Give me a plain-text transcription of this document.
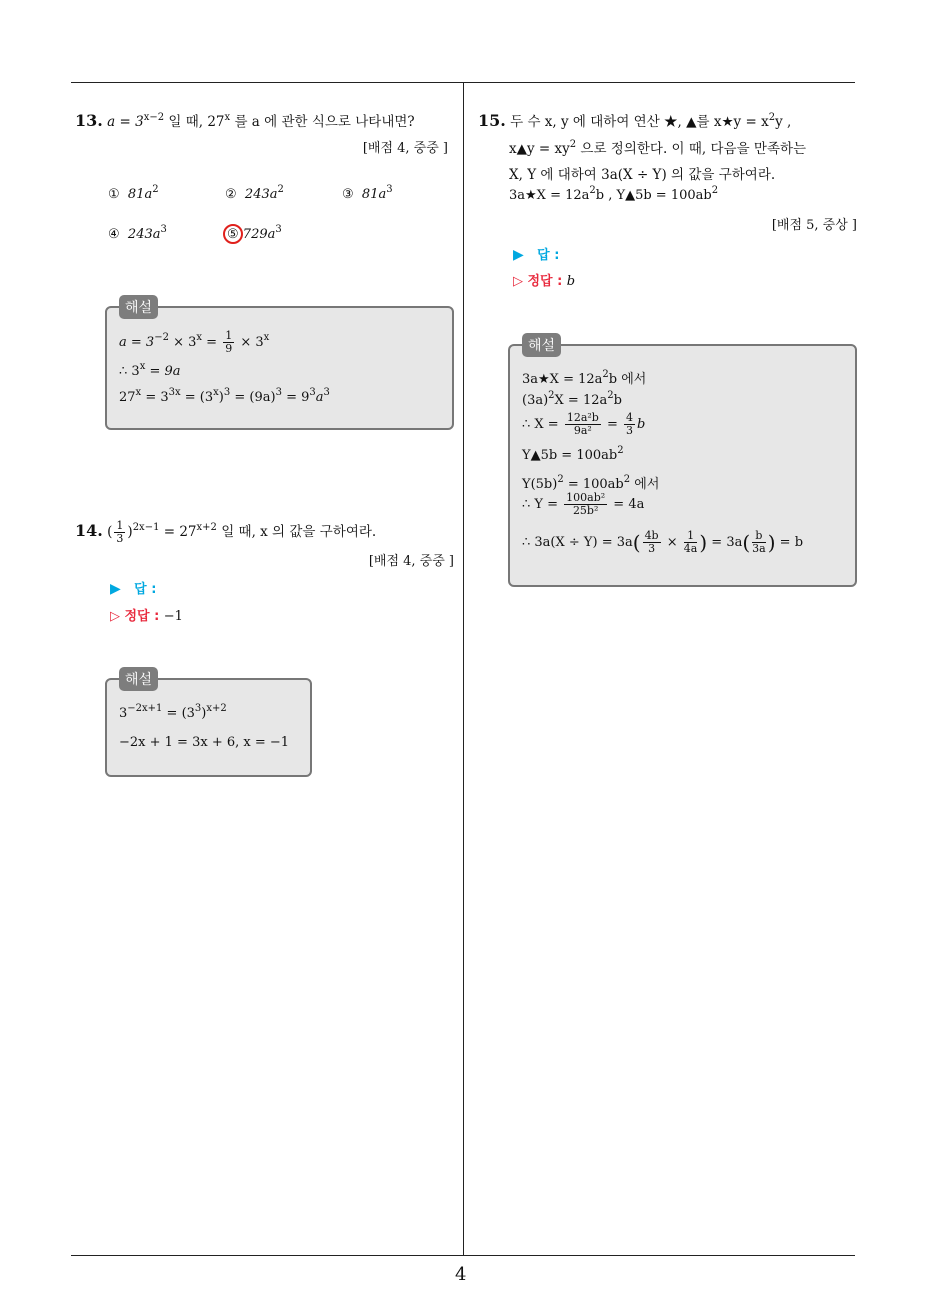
4
13. $a = 3^{x-2}$ 일 때, 27$^x$ 를 a 에 관한 식으로 나타내면?
[배점 4, 중중 ]
① $81a^2$	② $243a^2$	③ $81a^3$
④ $243a^3$	⑤ $729a^3$
해설
$a = 3^{-2} \times 3^x = \frac{1}{9} \times 3^x$
∴ $3^x = 9a$
$27^x = 3^{3x} = (3^x)^3 = (9a)^3 = 9^3a^3$
14. ( $\frac{1}{3} )^{2x-1} = 27^{x+2}$ 일 때, x 의 값을 구하여라.
[배점 4, 중중 ]
▶ 답 :
▷ 정답 : −1
해설
$3^{-2x+1} = (3^3)^{x+2}$
−2x + 1 = 3x + 6, x = −1
15. 두 수 x, y 에 대하여 연산 ★, ▲를 x★y = $x^2y$ ,
x▲y = $xy^2$ 으로 정의한다. 이 때, 다음을 만족하는
X, Y 에 대하여 3a(X ÷ Y) 의 값을 구하여라.
3a★X = $12a^2b$ , Y▲5b = $100ab^2$
[배점 5, 중상 ]
▶ 답 :
▷ 정답 : b
해설
3a★X = $12a^2b$ 에서
$(3a)^2X = 12a^2b$
∴ $X = \frac{\text{12a²b}}{\text{9a²}} = \frac{4}{3}$ b
Y▲5b = $100ab^2$
$Y(5b)^2 = 100ab^2$ 에서
∴ $Y = \frac{\text{100ab²}}{\text{25b²}} = 4a$
∴ $3a(X \div Y) = 3a( \frac{4b}{3} \times \frac{1}{4a}$ ) = $3a( \frac{b}{3a}$ ) = b
